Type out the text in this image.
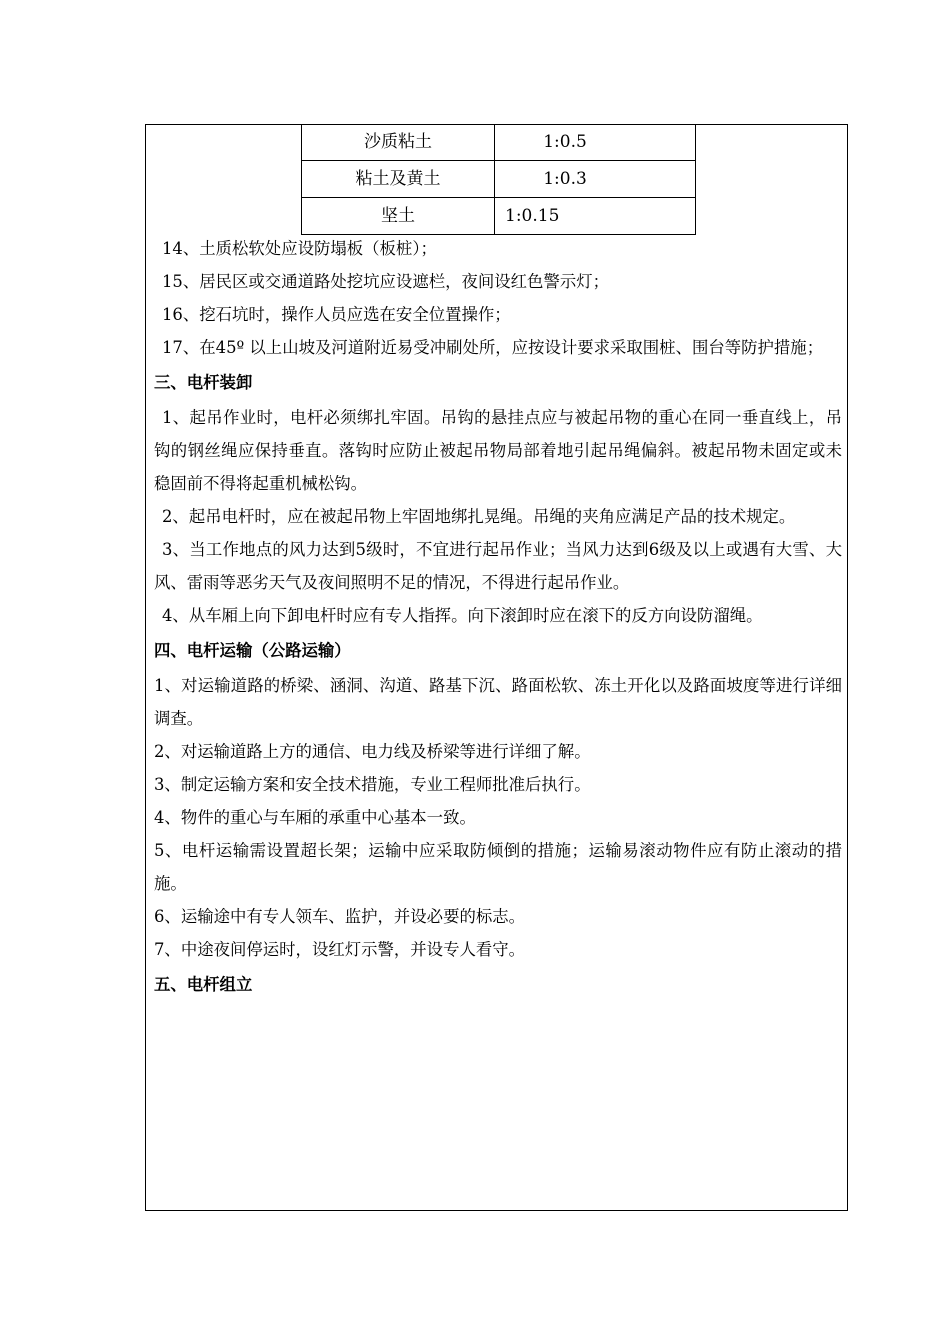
沙质粘土	1:0.5
粘土及黄土	1:0.3
坚土	1:0.15

14、土质松软处应设防塌板（板桩）；

15、居民区或交通道路处挖坑应设遮栏，夜间设红色警示灯；

16、挖石坑时，操作人员应选在安全位置操作；

17、在45º 以上山坡及河道附近易受冲刷处所，应按设计要求采取围桩、围台等防护措施；

三、电杆装卸

1、起吊作业时，电杆必须绑扎牢固。吊钩的悬挂点应与被起吊物的重心在同一垂直线上，吊钩的钢丝绳应保持垂直。落钩时应防止被起吊物局部着地引起吊绳偏斜。被起吊物未固定或未稳固前不得将起重机械松钩。

2、起吊电杆时，应在被起吊物上牢固地绑扎晃绳。吊绳的夹角应满足产品的技术规定。

3、当工作地点的风力达到5级时，不宜进行起吊作业；当风力达到6级及以上或遇有大雪、大风、雷雨等恶劣天气及夜间照明不足的情况，不得进行起吊作业。

4、从车厢上向下卸电杆时应有专人指挥。向下滚卸时应在滚下的反方向设防溜绳。

四、电杆运输（公路运输）

1、对运输道路的桥梁、涵洞、沟道、路基下沉、路面松软、冻土开化以及路面坡度等进行详细调查。

2、对运输道路上方的通信、电力线及桥梁等进行详细了解。

3、制定运输方案和安全技术措施，专业工程师批准后执行。

4、物件的重心与车厢的承重中心基本一致。

5、电杆运输需设置超长架；运输中应采取防倾倒的措施；运输易滚动物件应有防止滚动的措施。

6、运输途中有专人领车、监护，并设必要的标志。

7、中途夜间停运时，设红灯示警，并设专人看守。

五、电杆组立
